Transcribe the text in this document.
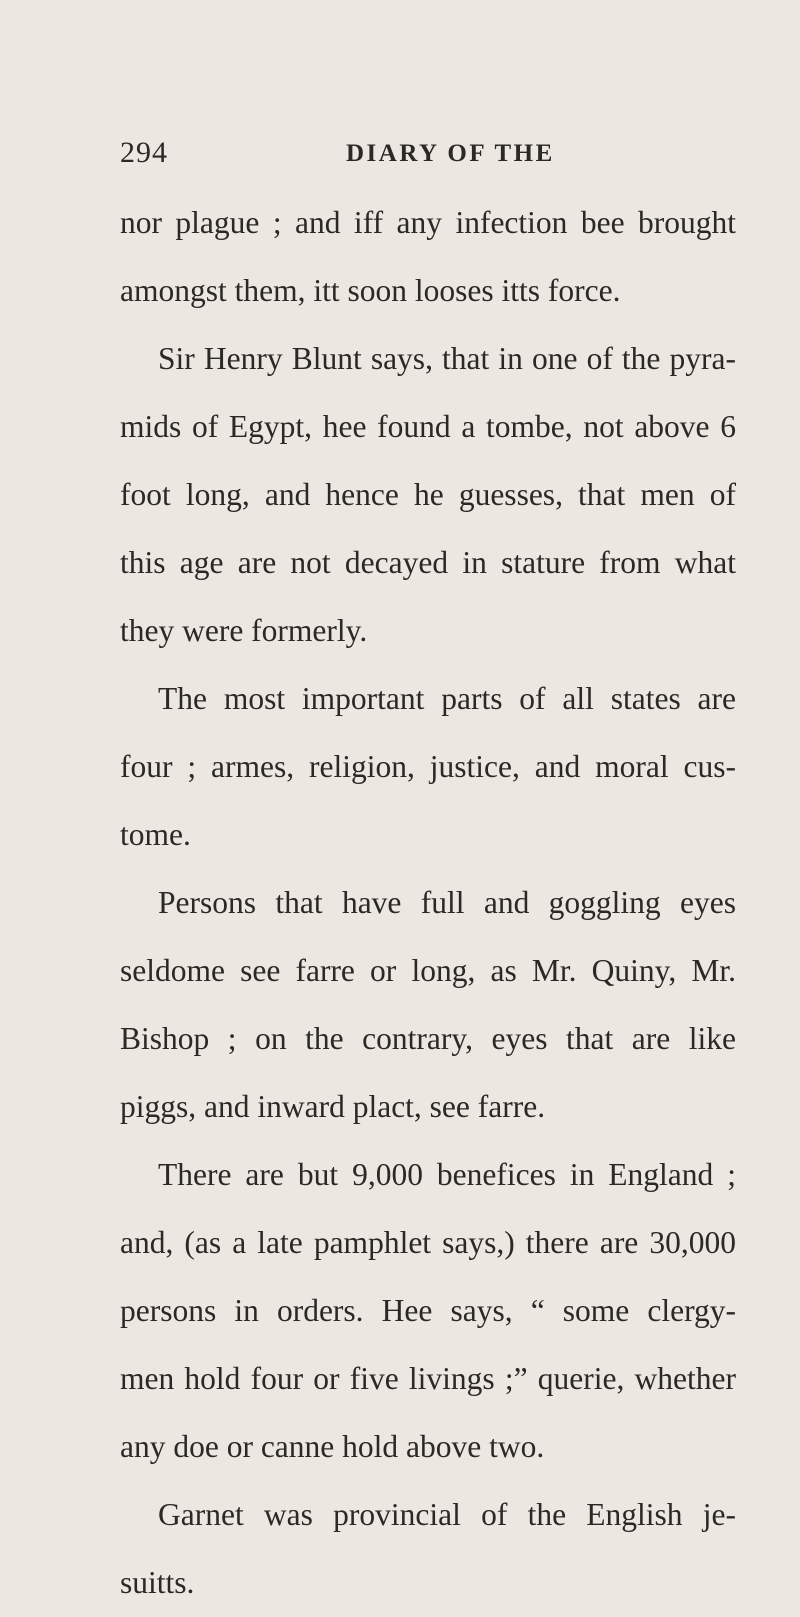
294	DIARY OF THE
nor plague ; and iff any infection bee brought
amongst them, itt soon looses itts force.
Sir Henry Blunt says, that in one of the pyra-
mids of Egypt, hee found a tombe, not above 6
foot long, and hence he guesses, that men of
this age are not decayed in stature from what
they were formerly.
The most important parts of all states are
four ; armes, religion, justice, and moral cus-
tome.
Persons that have full and goggling eyes
seldome see farre or long, as Mr. Quiny, Mr.
Bishop ; on the contrary, eyes that are like
piggs, and inward plact, see farre.
There are but 9,000 benefices in England ;
and, (as a late pamphlet says,) there are 30,000
persons in orders. Hee says, “ some clergy-
men hold four or five livings ;” querie, whether
any doe or canne hold above two.
Garnet was provincial of the English je-
suitts.
